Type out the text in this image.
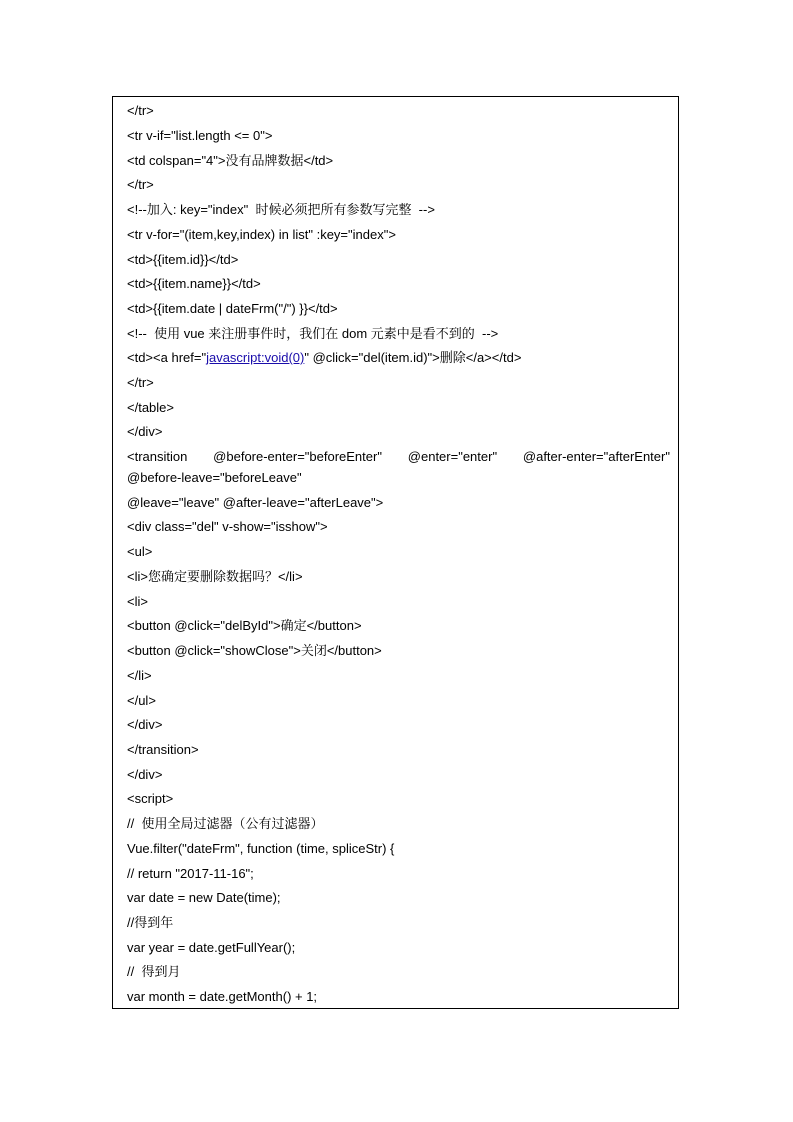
</tr>
<tr v-if="list.length <= 0">
<td colspan="4">没有品牌数据</td>
</tr>
<!--加入: key="index"  时候必须把所有参数写完整  -->
<tr v-for="(item,key,index) in list" :key="index">
<td>{{item.id}}</td>
<td>{{item.name}}</td>
<td>{{item.date | dateFrm("/") }}</td>
<!--  使用 vue 来注册事件时，我们在 dom 元素中是看不到的  -->
<td><a href="javascript:void(0)" @click="del(item.id)">删除</a></td>
</tr>
</table>
</div>
<transition @before-enter="beforeEnter" @enter="enter" @after-enter="afterEnter"
@before-leave="beforeLeave"
@leave="leave" @after-leave="afterLeave">
<div class="del" v-show="isshow">
<ul>
<li>您确定要删除数据吗？</li>
<li>
<button @click="delById">确定</button>
<button @click="showClose">关闭</button>
</li>
</ul>
</div>
</transition>
</div>
<script>
//  使用全局过滤器（公有过滤器）
Vue.filter("dateFrm", function (time, spliceStr) {
// return "2017-11-16";
var date = new Date(time);
//得到年
var year = date.getFullYear();
//  得到月
var month = date.getMonth() + 1;
